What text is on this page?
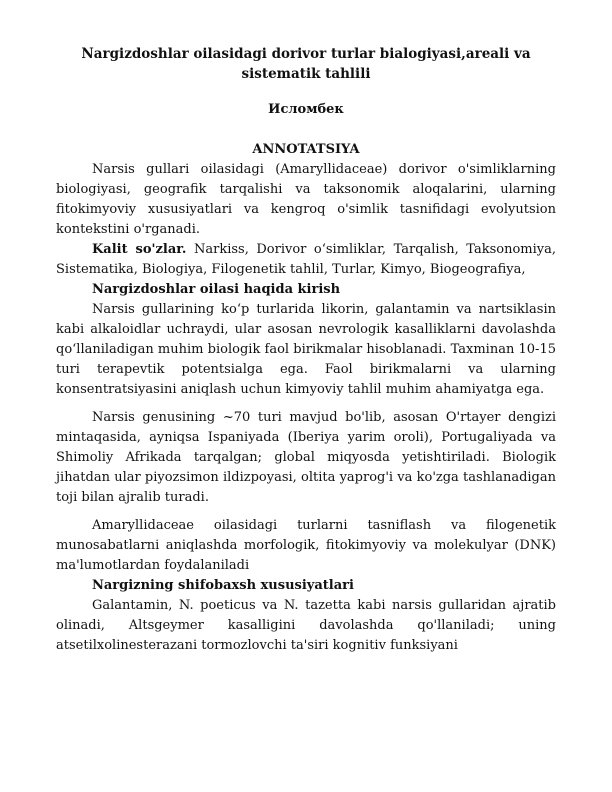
Nargizdoshlar oilasidagi dorivor turlar bialogiyasi,areali va sistematik tahlili
Исломбек
ANNOTATSIYA

Narsis gullari oilasidagi (Amaryllidaceae) dorivor o'simliklarning biologiyasi, geografik tarqalishi va taksonomik aloqalarini, ularning fitokimyoviy xususiyatlari va kengroq o'simlik tasnifidagi evolyutsion kontekstini o'rganadi.

Kalit so'zlar. Narkiss, Dorivor o‘simliklar, Tarqalish, Taksonomiya, Sistematika, Biologiya, Filogenetik tahlil, Turlar, Kimyo, Biogeografiya,

Nargizdoshlar oilasi haqida kirish

Narsis gullarining ko‘p turlarida likorin, galantamin va nartsiklasin kabi alkaloidlar uchraydi, ular asosan nevrologik kasalliklarni davolashda qo‘llaniladigan muhim biologik faol birikmalar hisoblanadi. Taxminan 10-15 turi terapevtik potentsialga ega. Faol birikmalarni va ularning konsentratsiyasini aniqlash uchun kimyoviy tahlil muhim ahamiyatga ega.

Narsis genusining ~70 turi mavjud bo'lib, asosan O'rtayer dengizi mintaqasida, ayniqsa Ispaniyada (Iberiya yarim oroli), Portugaliyada va Shimoliy Afrikada tarqalgan; global miqyosda yetishtiriladi. Biologik jihatdan ular piyozsimon ildizpoyasi, oltita yaprog'i va ko'zga tashlanadigan toji bilan ajralib turadi.

Amaryllidaceae oilasidagi turlarni tasniflash va filogenetik munosabatlarni aniqlashda morfologik, fitokimyoviy va molekulyar (DNK) ma'lumotlardan foydalaniladi

Nargizning shifobaxsh xususiyatlari

Galantamin, N. poeticus va N. tazetta kabi narsis gullaridan ajratib olinadi, Altsgeymer kasalligini davolashda qo'llaniladi; uning atsetilxolinesterazani tormozlovchi ta'siri kognitiv funksiyani
